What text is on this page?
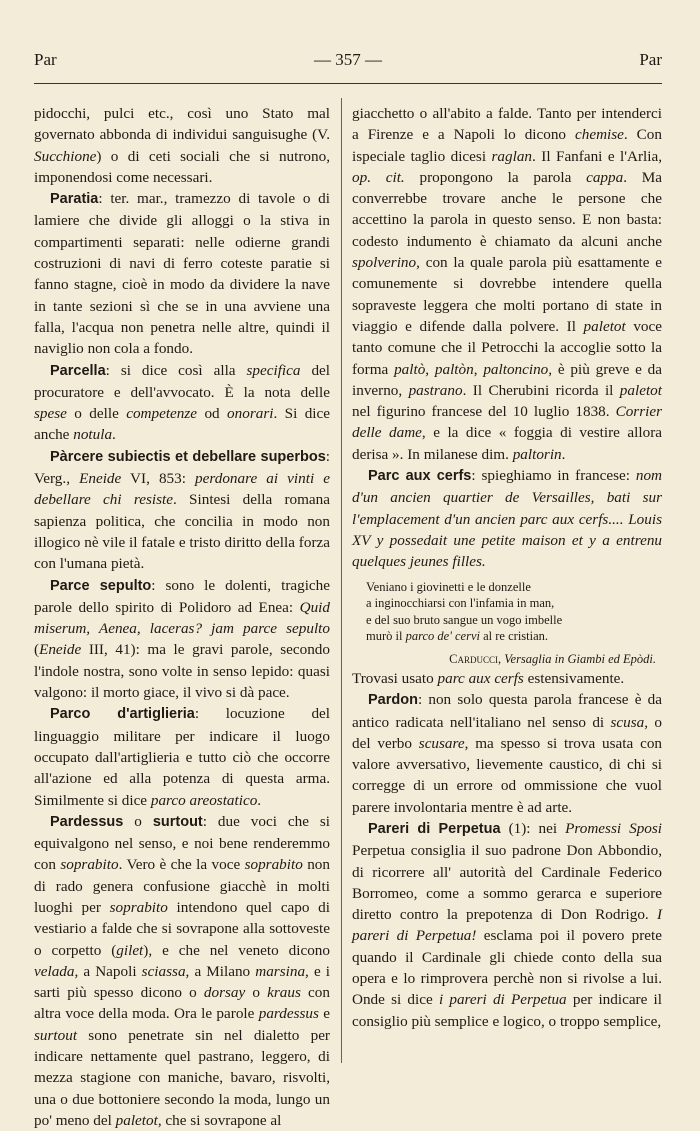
Par	— 357 —	Par

pidocchi, pulci etc., così uno Stato mal governato abbonda di individui sanguisughe (V. Succhione) o di ceti sociali che si nutrono, imponendosi come necessari.

Paratia: ter. mar., tramezzo di tavole o di lamiere che divide gli alloggi o la stiva in compartimenti separati: nelle odierne grandi costruzioni di navi di ferro coteste paratie si fanno stagne, cioè in modo da dividere la nave in tante sezioni sì che se in una avviene una falla, l'acqua non penetra nelle altre, quindi il naviglio non cola a fondo.

Parcella: si dice così alla specifica del procuratore e dell'avvocato. È la nota delle spese o delle competenze od onorari. Si dice anche notula.

Pàrcere subiectis et debellare superbos: Verg., Eneide VI, 853: perdonare ai vinti e debellare chi resiste. Sintesi della romana sapienza politica, che concilia in modo non illogico nè vile il fatale e tristo diritto della forza con l'umana pietà.

Parce sepulto: sono le dolenti, tragiche parole dello spirito di Polidoro ad Enea: Quid miserum, Aenea, laceras? jam parce sepulto (Eneide III, 41): ma le gravi parole, secondo l'indole nostra, sono volte in senso lepido: quasi valgono: il morto giace, il vivo si dà pace.

Parco d'artiglieria: locuzione del linguaggio militare per indicare il luogo occupato dall'artiglieria e tutto ciò che occorre all'azione ed alla potenza di questa arma. Similmente si dice parco areostatico.

Pardessus o surtout: due voci che si equivalgono nel senso, e noi bene renderemmo con soprabito. Vero è che la voce soprabito non di rado genera confusione giacchè in molti luoghi per soprabito intendono quel capo di vestiario a falde che si sovrapone alla sottoveste o corpetto (gilet), e che nel veneto dicono velada, a Napoli sciassa, a Milano marsina, e i sarti più spesso dicono o dorsay o kraus con altra voce della moda. Ora le parole pardessus e surtout sono penetrate sin nel dialetto per indicare nettamente quel pastrano, leggero, di mezza stagione con maniche, bavaro, risvolti, una o due bottoniere secondo la moda, lungo un po' meno del paletot, che si sovrapone al

giacchetto o all'abito a falde. Tanto per intenderci a Firenze e a Napoli lo dicono chemise. Con ispeciale taglio dicesi raglan. Il Fanfani e l'Arlia, op. cit. propongono la parola cappa. Ma converrebbe trovare anche le persone che accettino la parola in questo senso. E non basta: codesto indumento è chiamato da alcuni anche spolverino, con la quale parola più esattamente e comunemente si dovrebbe intendere quella sopraveste leggera che molti portano di state in viaggio e difende dalla polvere. Il paletot voce tanto comune che il Petrocchi la accoglie sotto la forma paltò, paltòn, paltoncino, è più greve e da inverno, pastrano. Il Cherubini ricorda il paletot nel figurino francese del 10 luglio 1838. Corrier delle dame, e la dice « foggia di vestire allora derisa ». In milanese dim. paltorin.

Parc aux cerfs: spieghiamo in francese: nom d'un ancien quartier de Versailles, bati sur l'emplacement d'un ancien parc aux cerfs.... Louis XV y possedait une petite maison et y a entrenu quelques jeunes filles.

Veniano i giovinetti e le donzelle
a inginocchiarsi con l'infamia in man,
e del suo bruto sangue un vogo imbelle
murò il parco de' cervi al re cristian.
Carducci, Versaglia in Giambi ed Epòdi.

Trovasi usato parc aux cerfs estensivamente.

Pardon: non solo questa parola francese è da antico radicata nell'italiano nel senso di scusa, o del verbo scusare, ma spesso si trova usata con valore avversativo, lievemente caustico, di chi si corregge di un errore od ommissione che vuol parere involontaria mentre è ad arte.

Pareri di Perpetua (1): nei Promessi Sposi Perpetua consiglia il suo padrone Don Abbondio, di ricorrere all' autorità del Cardinale Federico Borromeo, come a sommo gerarca e superiore diretto contro la prepotenza di Don Rodrigo. I pareri di Perpetua! esclama poi il povero prete quando il Cardinale gli chiede conto della sua opera e lo rimprovera perchè non si rivolse a lui. Onde si dice i pareri di Perpetua per indicare il consiglio più semplice e logico, o troppo semplice,
